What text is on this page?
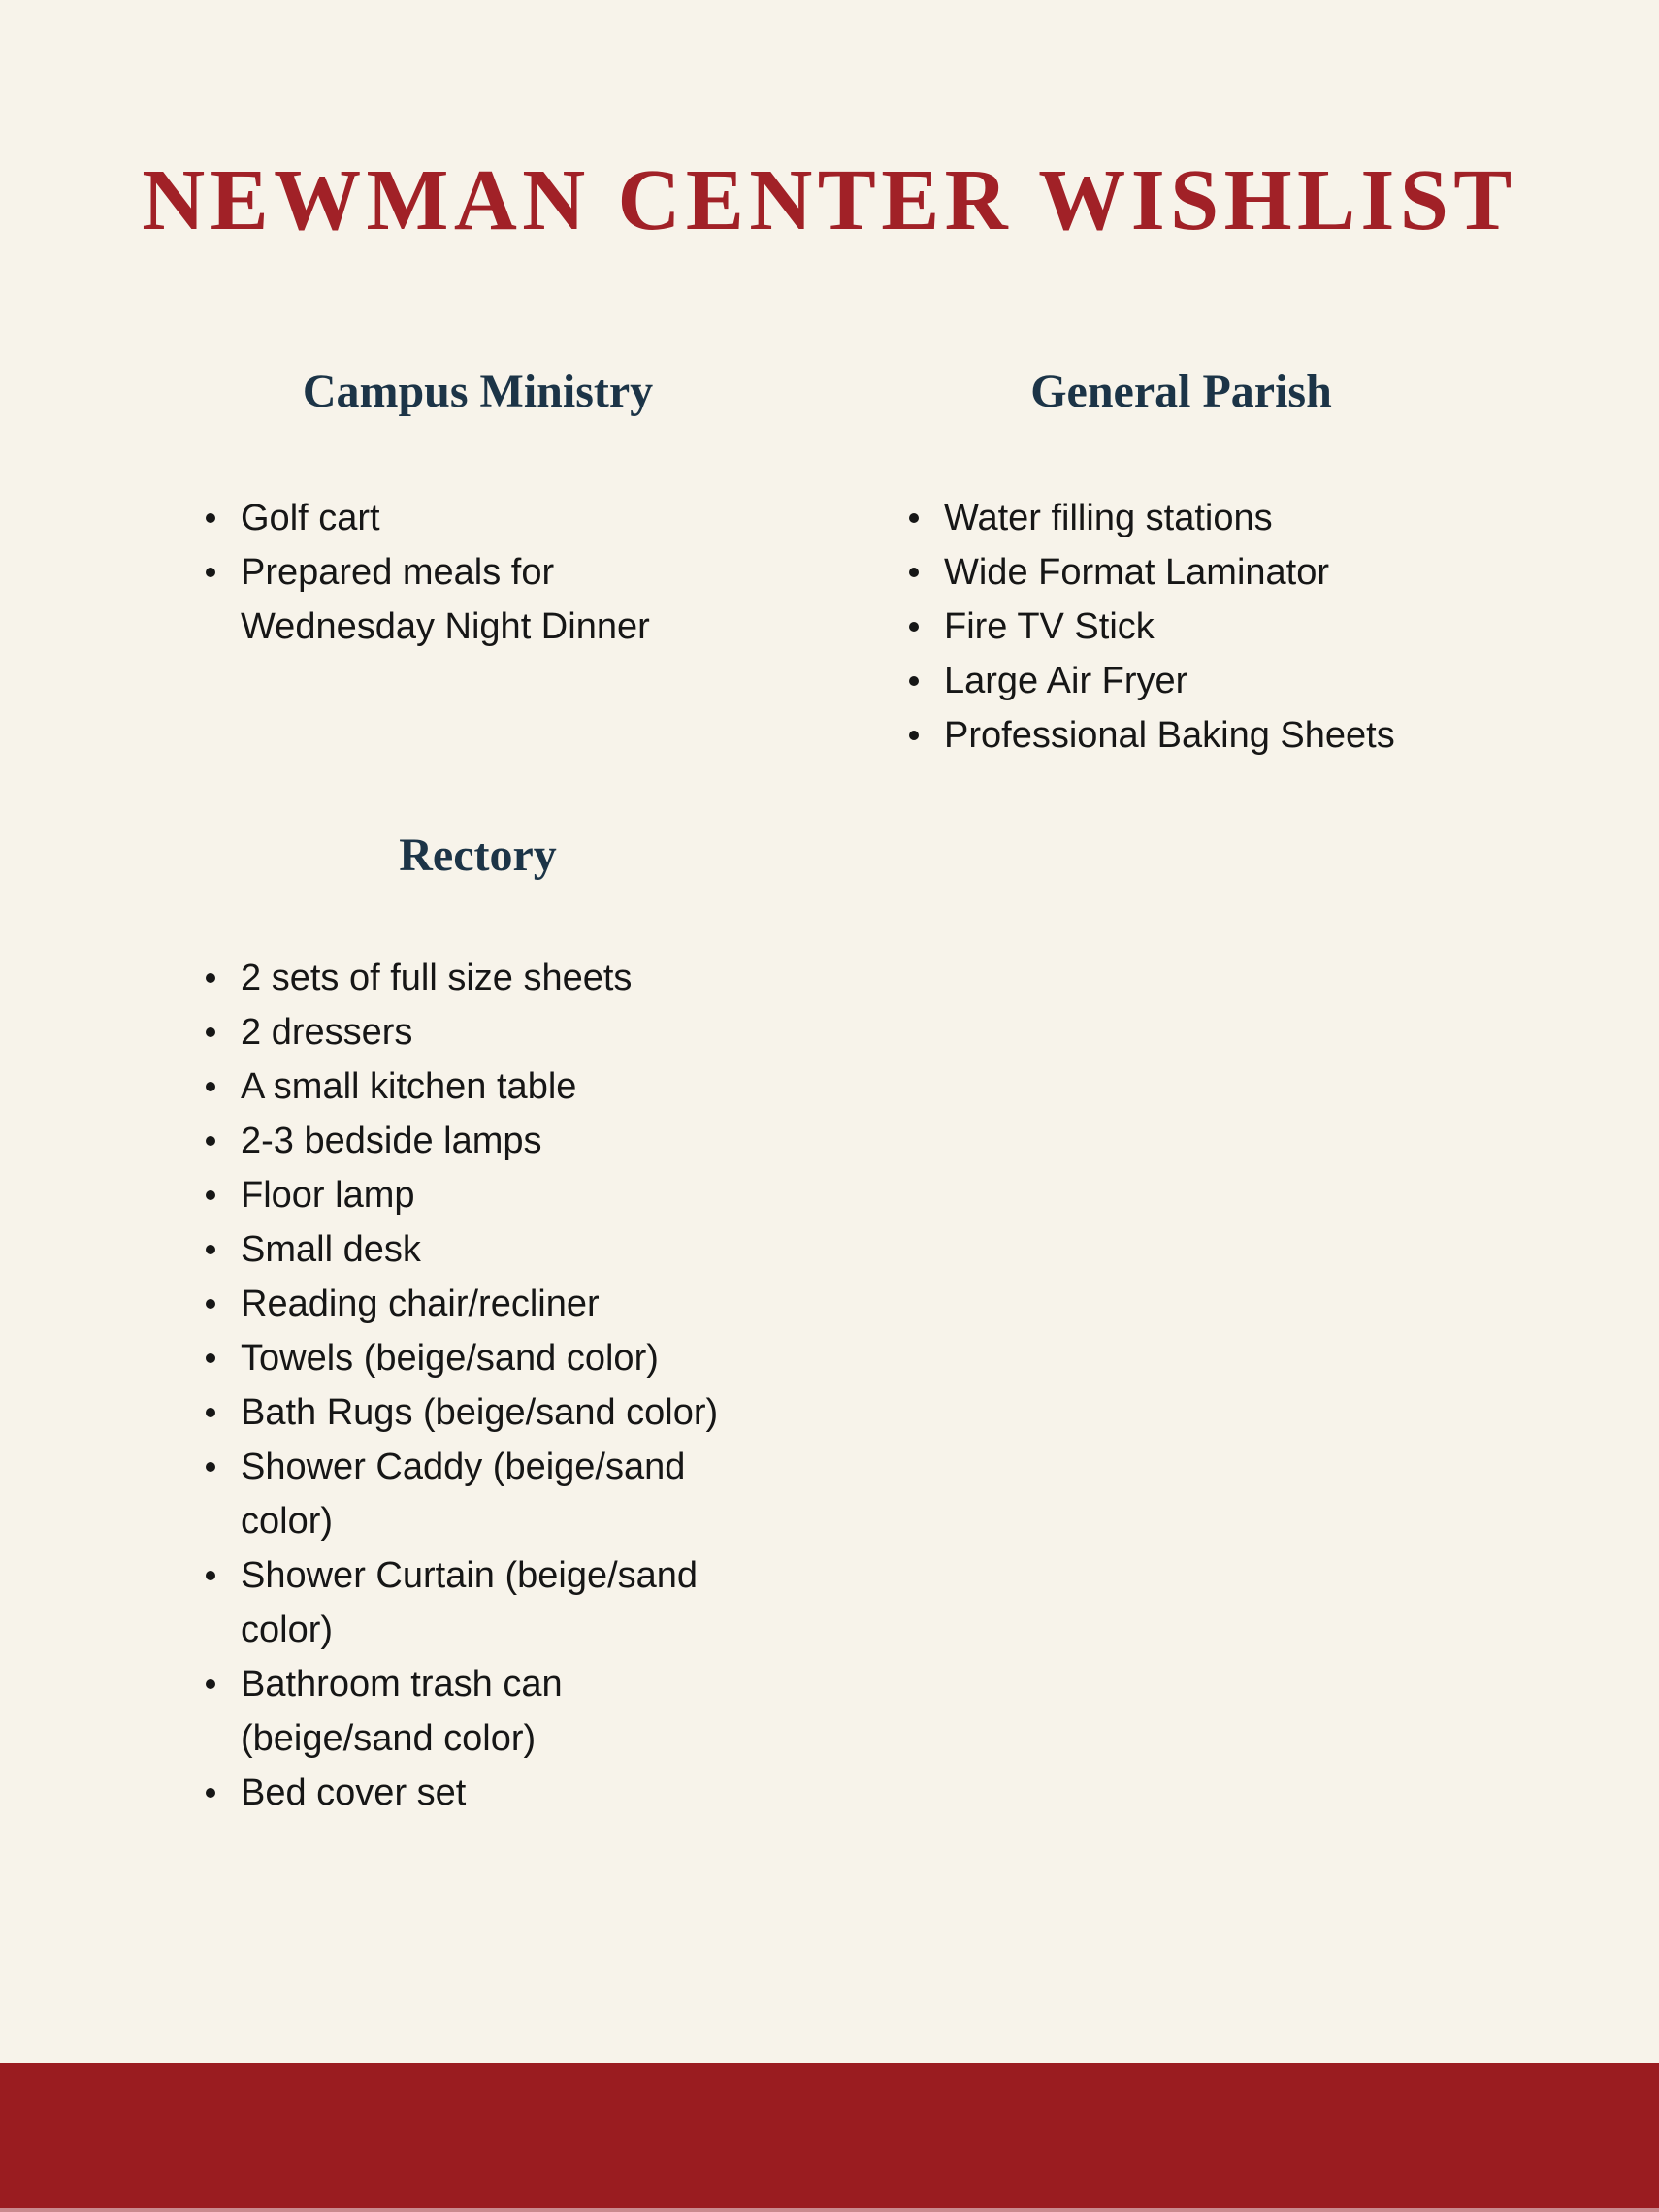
NEWMAN CENTER WISHLIST
Campus Ministry
Golf cart
Prepared meals for Wednesday Night Dinner
General Parish
Water filling stations
Wide Format Laminator
Fire TV Stick
Large Air Fryer
Professional Baking Sheets
Rectory
2 sets of full size sheets
2 dressers
A small kitchen table
2-3 bedside lamps
Floor lamp
Small desk
Reading chair/recliner
Towels (beige/sand color)
Bath Rugs (beige/sand color)
Shower Caddy (beige/sand color)
Shower Curtain (beige/sand color)
Bathroom trash can (beige/sand color)
Bed cover set
